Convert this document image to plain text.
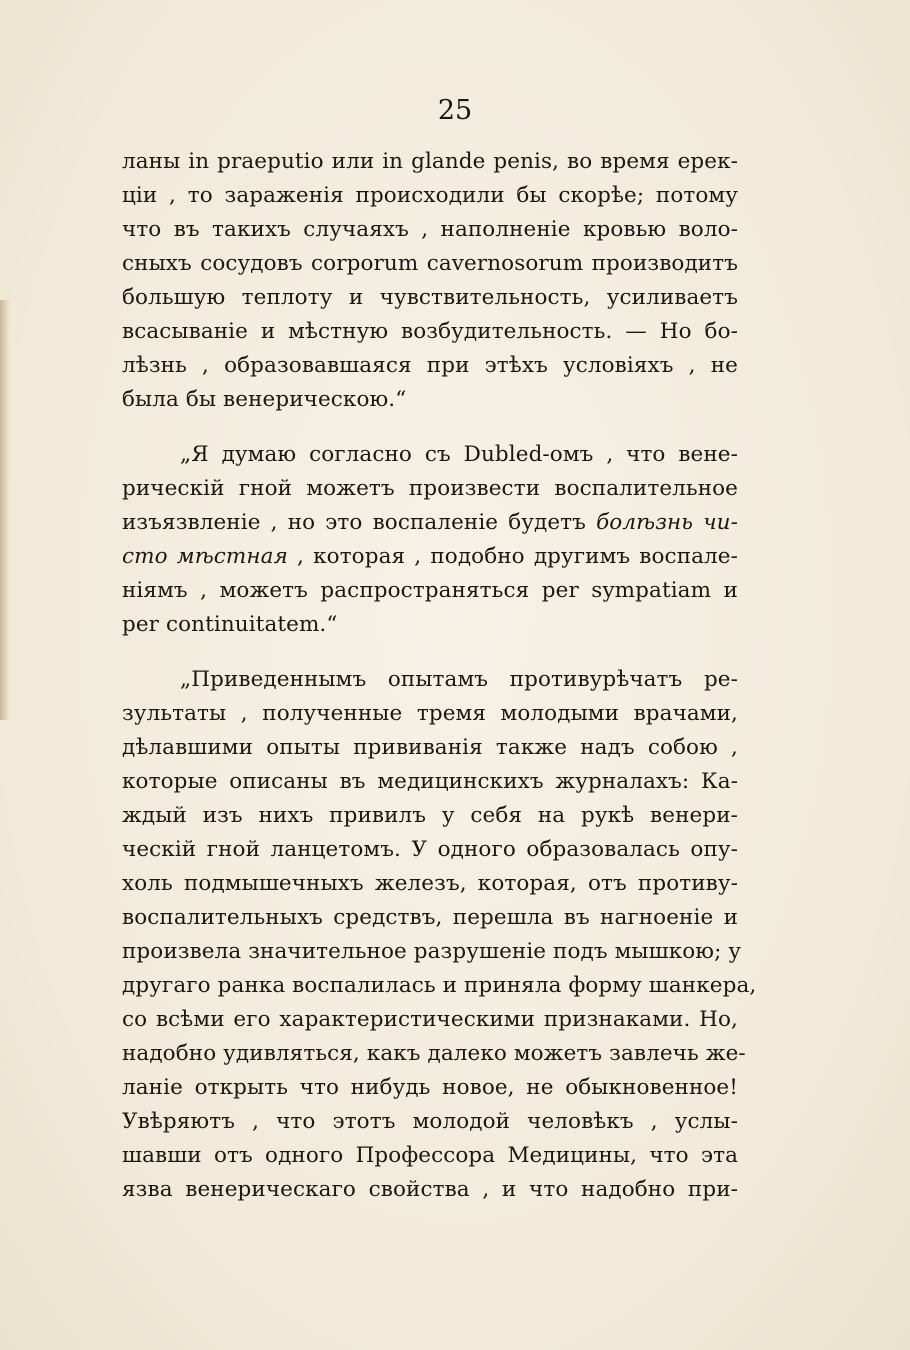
25
ланы in praeputio или in glande penis, во время ерек-
ціи , то зараженія происходили бы скорѣе; потому
что въ такихъ случаяхъ , наполненіе кровью воло-
сныхъ сосудовъ corporum cavernosorum производитъ
большую теплоту и чувствительность, усиливаетъ
всасываніе и мѣстную возбудительность. — Но бо-
лѣзнь , образовавшаяся при этѣхъ условіяхъ , не
была бы венерическою.“
„Я думаю согласно съ Dubled-омъ , что вене-
рическій гной можетъ произвести воспалительное
изъязвленіе , но это воспаленіе будетъ болѣзнь чи-
сто мѣстная , которая , подобно другимъ воспале-
ніямъ , можетъ распространяться per sympatiam и
per continuitatem.“
„Приведеннымъ опытамъ противурѣчатъ ре-
зультаты , полученные тремя молодыми врачами,
дѣлавшими опыты прививанія также надъ собою ,
которые описаны въ медицинскихъ журналахъ: Ка-
ждый изъ нихъ привилъ у себя на рукѣ венери-
ческій гной ланцетомъ. У одного образовалась опу-
холь подмышечныхъ железъ, которая, отъ противу-
воспалительныхъ средствъ, перешла въ нагноеніе и
произвела значительное разрушеніе подъ мышкою; у
другаго ранка воспалилась и приняла форму шанкера,
со всѣми его характеристическими признаками. Но,
надобно удивляться, какъ далеко можетъ завлечь же-
ланіе открыть что нибудь новое, не обыкновенное!
Увѣряютъ , что этотъ молодой человѣкъ , услы-
шавши отъ одного Профессора Медицины, что эта
язва венерическаго свойства , и что надобно при-
